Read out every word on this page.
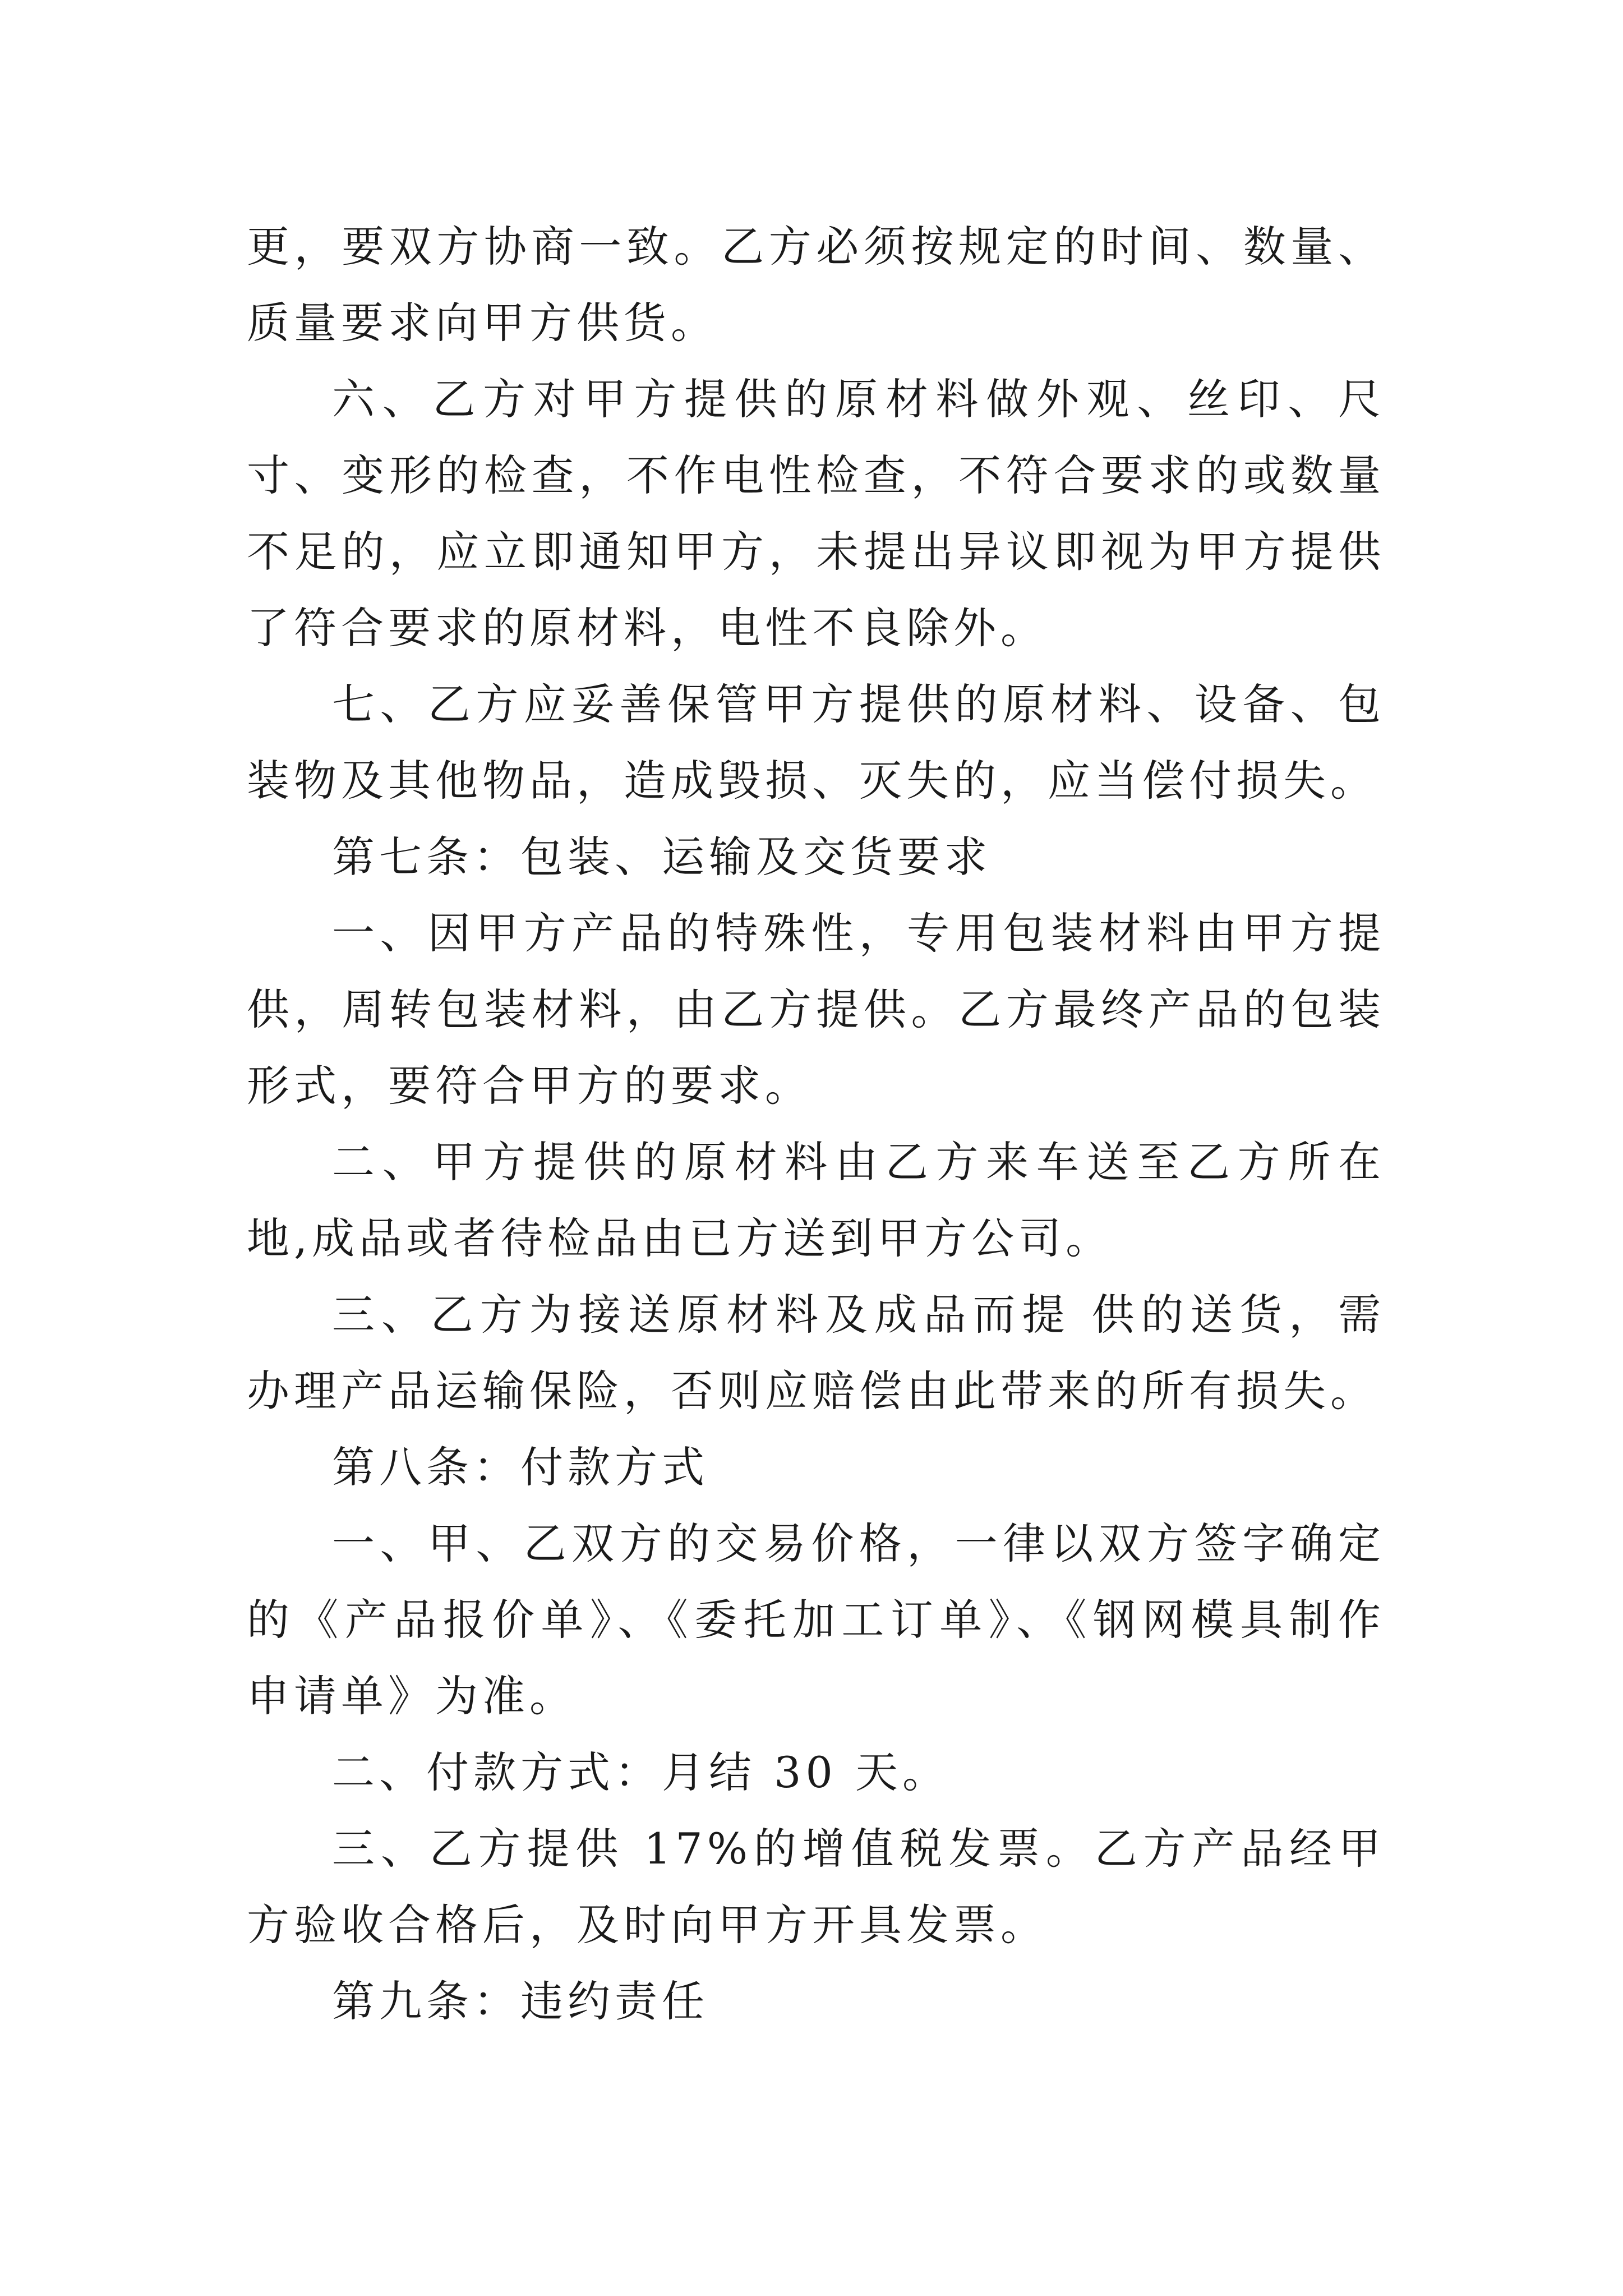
更，要双方协商一致。乙方必须按规定的时间、数量、质量要求向甲方供货。

六、乙方对甲方提供的原材料做外观、丝印、尺寸、变形的检查，不作电性检查，不符合要求的或数量不足的，应立即通知甲方，未提出异议即视为甲方提供了符合要求的原材料，电性不良除外。

七、乙方应妥善保管甲方提供的原材料、设备、包装物及其他物品，造成毁损、灭失的，应当偿付损失。

第七条：包装、运输及交货要求

一、因甲方产品的特殊性，专用包装材料由甲方提供，周转包装材料，由乙方提供。乙方最终产品的包装形式，要符合甲方的要求。

二、甲方提供的原材料由乙方来车送至乙方所在地,成品或者待检品由已方送到甲方公司。

三、乙方为接送原材料及成品而提 供的送货，需办理产品运输保险，否则应赔偿由此带来的所有损失。

第八条：付款方式

一、甲、乙双方的交易价格，一律以双方签字确定的《产品报价单》、《委托加工订单》、《钢网模具制作申请单》为准。

二、付款方式：月结 30 天。

三、乙方提供 17%的增值税发票。乙方产品经甲方验收合格后，及时向甲方开具发票。

第九条：违约责任
